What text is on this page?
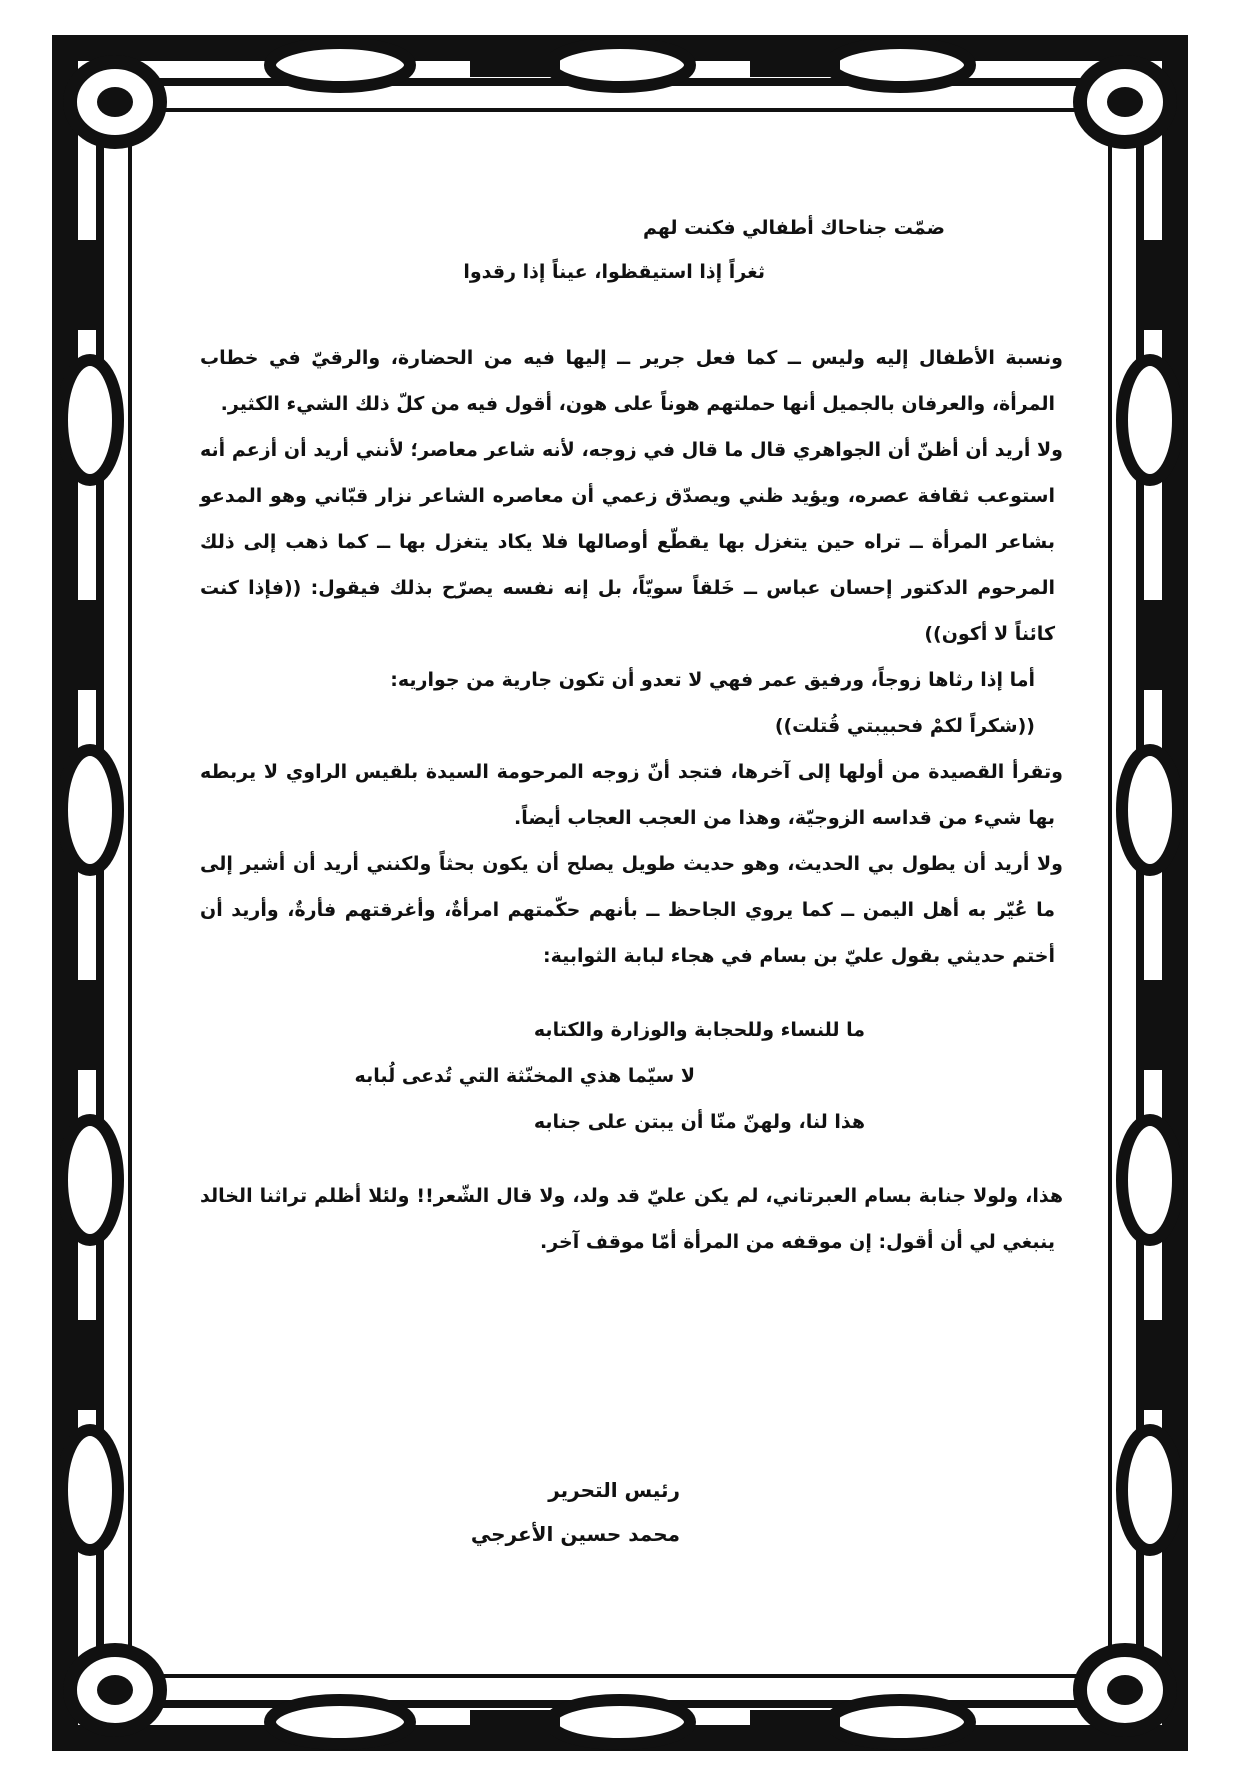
ضمّت جناحاك أطفالي فكنت لهم
ثغراً إذا استيقظوا، عيناً إذا رقدوا

ونسبة الأطفال إليه وليس ــ كما فعل جرير ــ إليها فيه من الحضارة، والرقيّ في خطاب المرأة، والعرفان بالجميل أنها حملتهم هوناً على هون، أقول فيه من كلّ ذلك الشيء الكثير.

ولا أريد أن أظنّ أن الجواهري قال ما قال في زوجه، لأنه شاعر معاصر؛ لأنني أريد أن أزعم أنه استوعب ثقافة عصره، ويؤيد ظني ويصدّق زعمي أن معاصره الشاعر نزار قبّاني وهو المدعو بشاعر المرأة ــ تراه حين يتغزل بها يقطّع أوصالها فلا يكاد يتغزل بها ــ كما ذهب إلى ذلك المرحوم الدكتور إحسان عباس ــ خَلقاً سويّاً، بل إنه نفسه يصرّح بذلك فيقول: ((فإذا كنت كائناً لا أكون))

أما إذا رثاها زوجاً، ورفيق عمر فهي لا تعدو أن تكون جارية من جواريه:
((شكراً لكمْ فحبيبتي قُتلت))

وتقرأ القصيدة من أولها إلى آخرها، فتجد أنّ زوجه المرحومة السيدة بلقيس الراوي لا يربطه بها شيء من قداسه الزوجيّة، وهذا من العجب العجاب أيضاً.

ولا أريد أن يطول بي الحديث، وهو حديث طويل يصلح أن يكون بحثاً ولكنني أريد أن أشير إلى ما عُيّر به أهل اليمن ــ كما يروي الجاحظ ــ بأنهم حكّمتهم امرأةٌ، وأغرقتهم فأرةٌ، وأريد أن أختم حديثي بقول عليّ بن بسام في هجاء لبابة الثوابية:

ما للنساء وللحجابة والوزارة والكتابه
لا سيّما هذي المخنّثة التي تُدعى لُبابه
هذا لنا، ولهنّ منّا أن يبتن على جنابه

هذا، ولولا جنابة بسام العبرتاني، لم يكن عليّ قد ولد، ولا قال الشّعر!! ولئلا أظلم تراثنا الخالد ينبغي لي أن أقول: إن موقفه من المرأة أمّا موقف آخر.

رئيس التحرير
محمد حسين الأعرجي
